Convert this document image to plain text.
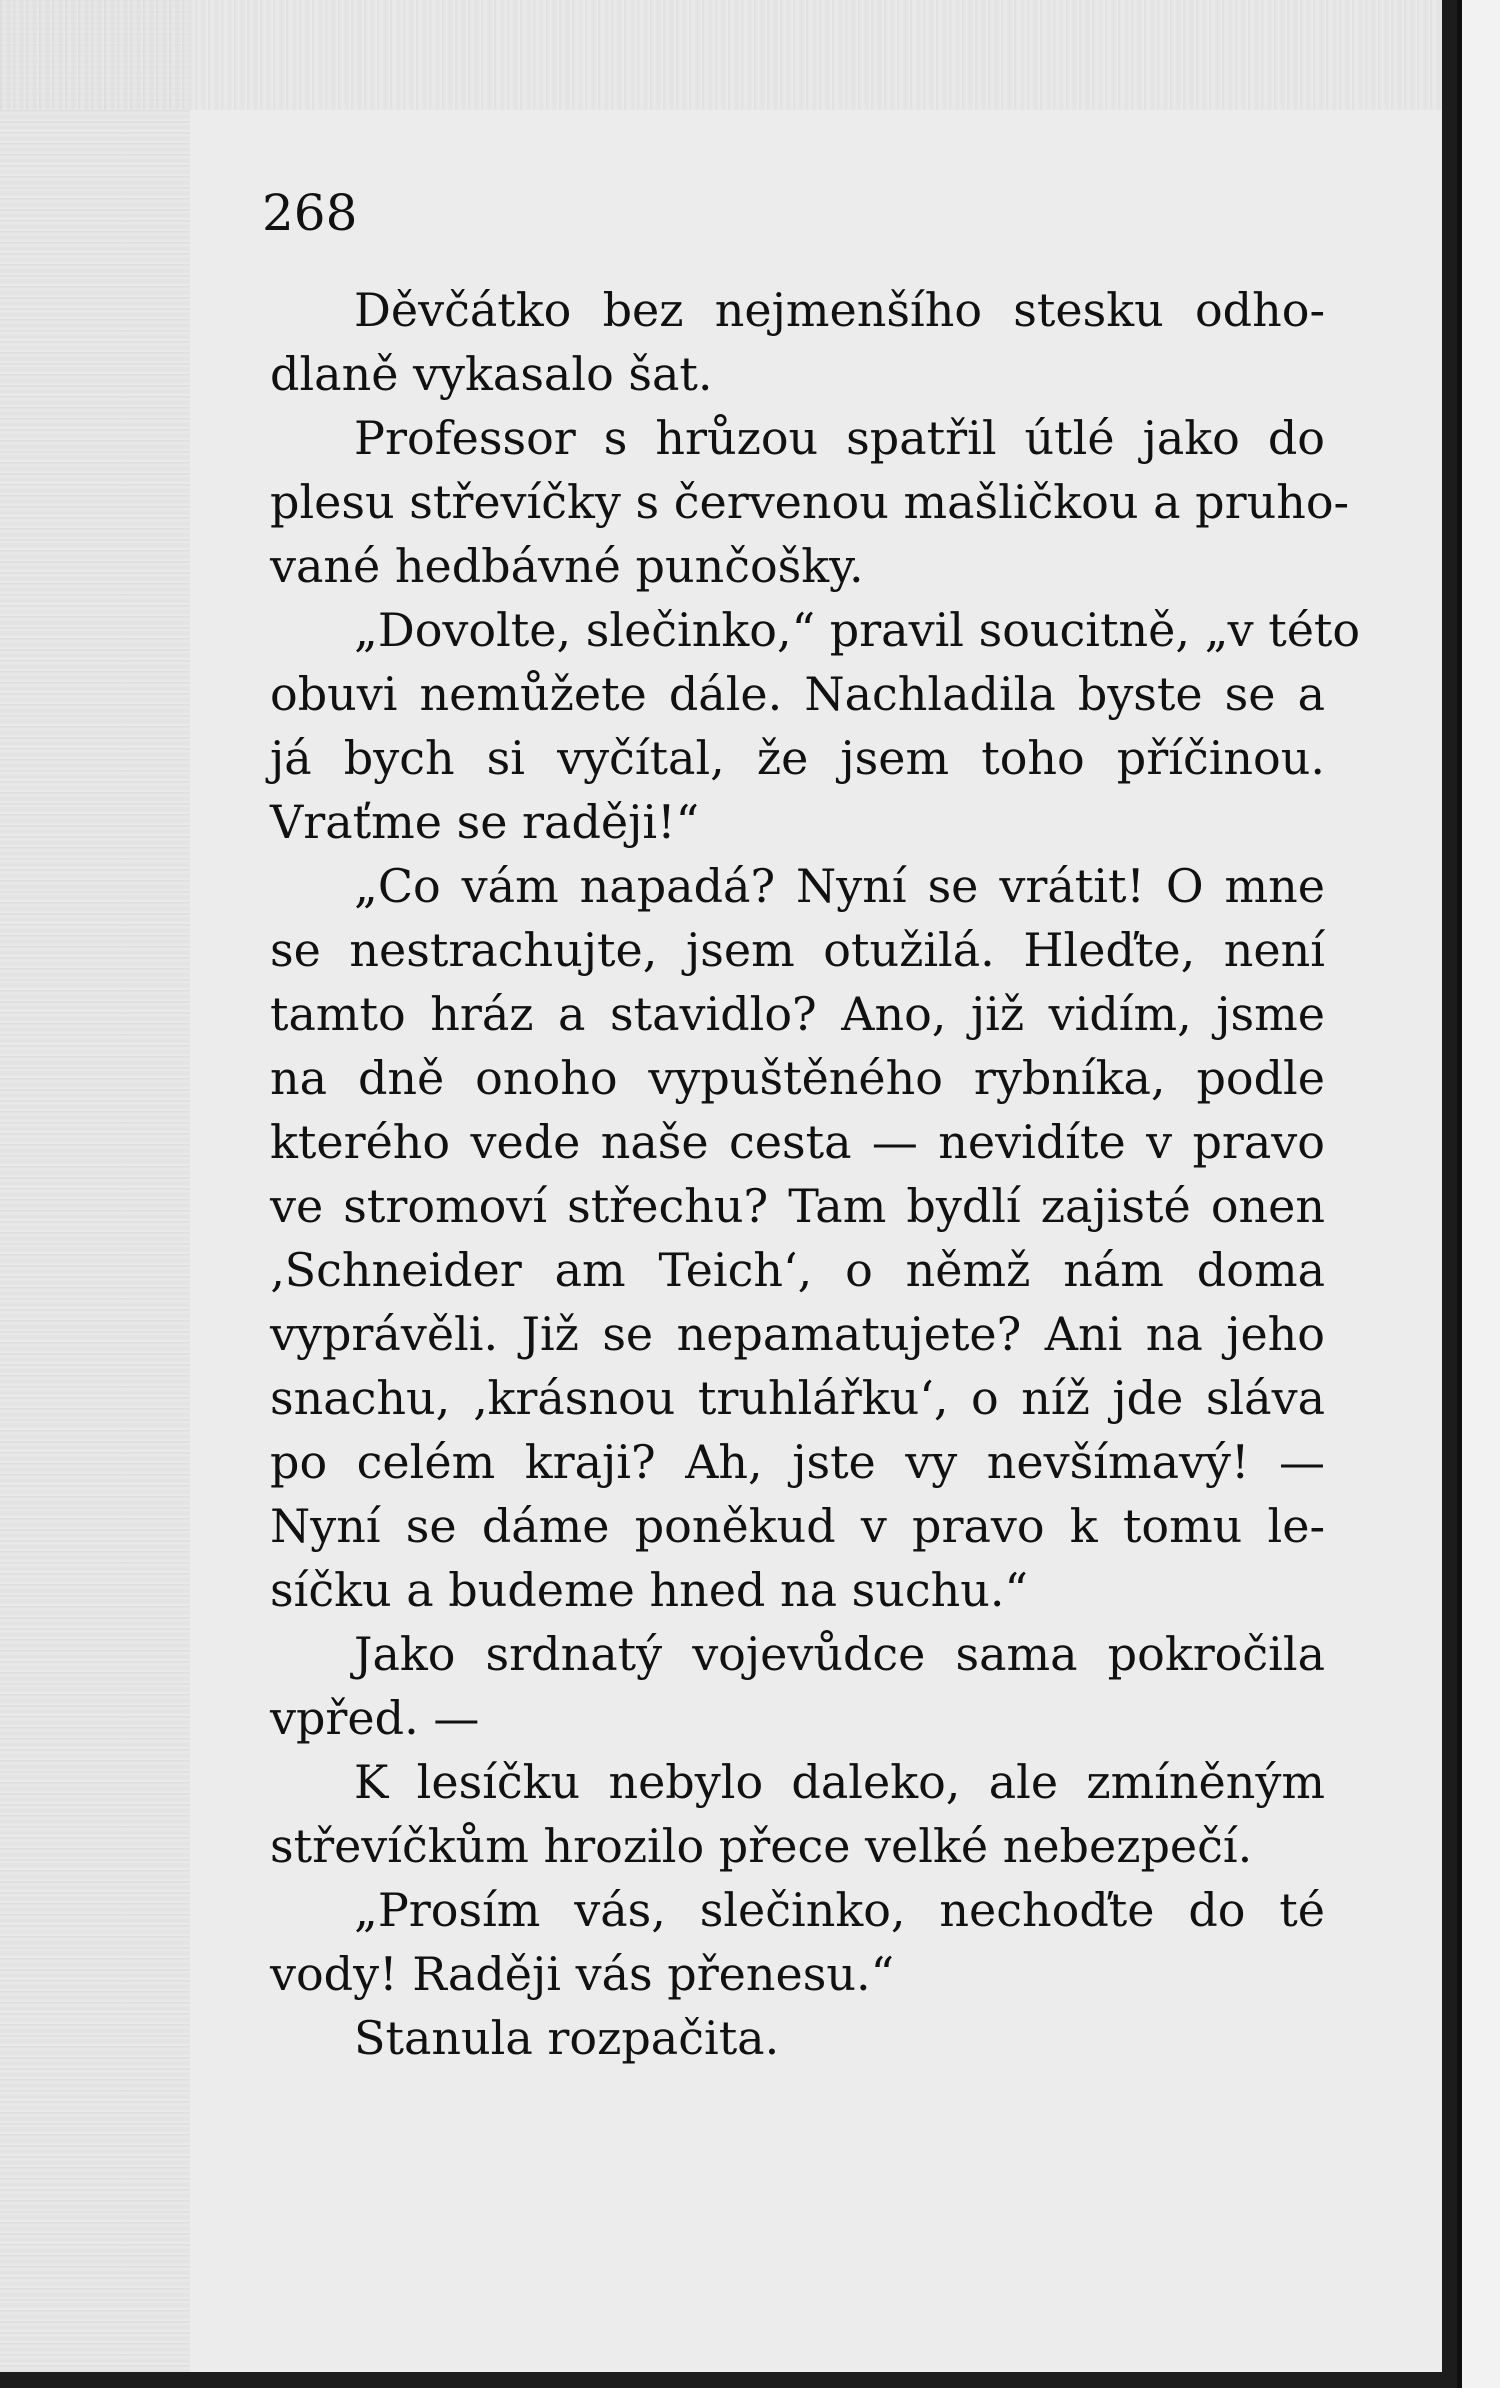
268

Děvčátko bez nejmenšího stesku odho-
dlaně vykasalo šat.
Professor s hrůzou spatřil útlé jako do
plesu střevíčky s červenou mašličkou a pruho-
vané hedbávné punčošky.
„Dovolte, slečinko,“ pravil soucitně, „v této
obuvi nemůžete dále. Nachladila byste se a
já bych si vyčítal, že jsem toho příčinou.
Vraťme se raději!“
„Co vám napadá? Nyní se vrátit! O mne
se nestrachujte, jsem otužilá. Hleďte, není
tamto hráz a stavidlo? Ano, již vidím, jsme
na dně onoho vypuštěného rybníka, podle
kterého vede naše cesta — nevidíte v pravo
ve stromoví střechu? Tam bydlí zajisté onen
‚Schneider am Teich‘, o němž nám doma
vyprávěli. Již se nepamatujete? Ani na jeho
snachu, ‚krásnou truhlářku‘, o níž jde sláva
po celém kraji? Ah, jste vy nevšímavý! —
Nyní se dáme poněkud v pravo k tomu le-
síčku a budeme hned na suchu.“
Jako srdnatý vojevůdce sama pokročila
vpřed. —
K lesíčku nebylo daleko, ale zmíněným
střevíčkům hrozilo přece velké nebezpečí.
„Prosím vás, slečinko, nechoďte do té
vody! Raději vás přenesu.“
Stanula rozpačita.
